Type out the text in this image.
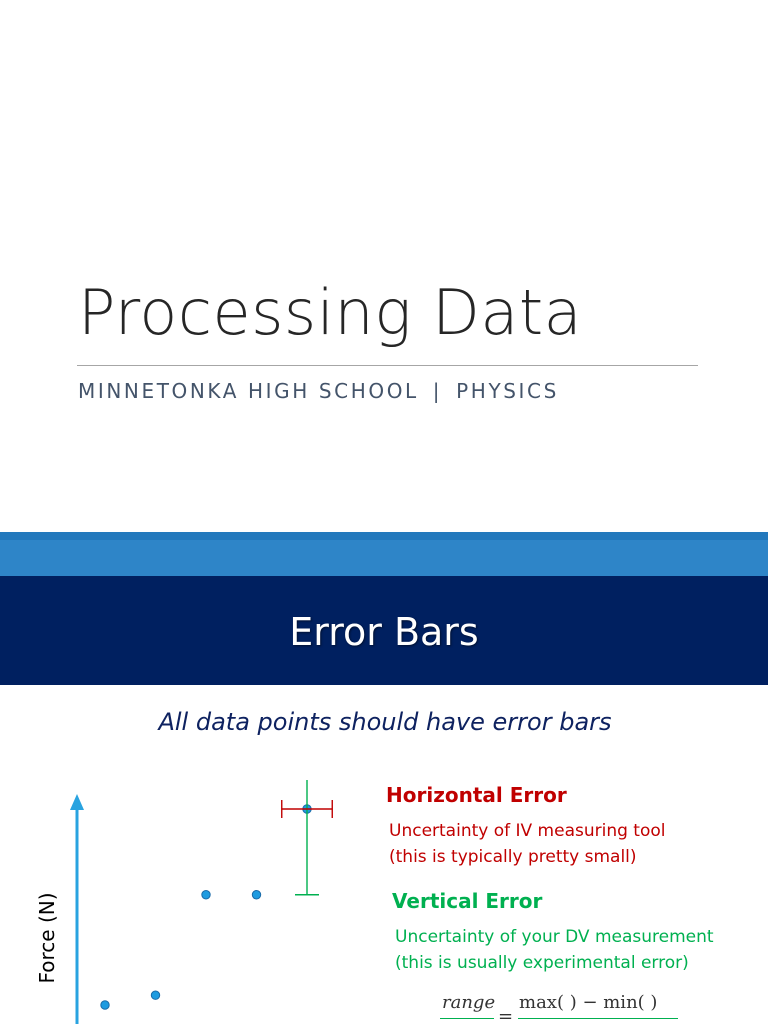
Processing Data
MINNETONKA HIGH SCHOOL | PHYSICS
Error Bars
All data points should have error bars
Horizontal Error
Uncertainty of IV measuring tool
(this is typically pretty small)
Vertical Error
Uncertainty of your DV measurement
(this is usually experimental error)
Force (N)
range
=
max( ) − min( )
